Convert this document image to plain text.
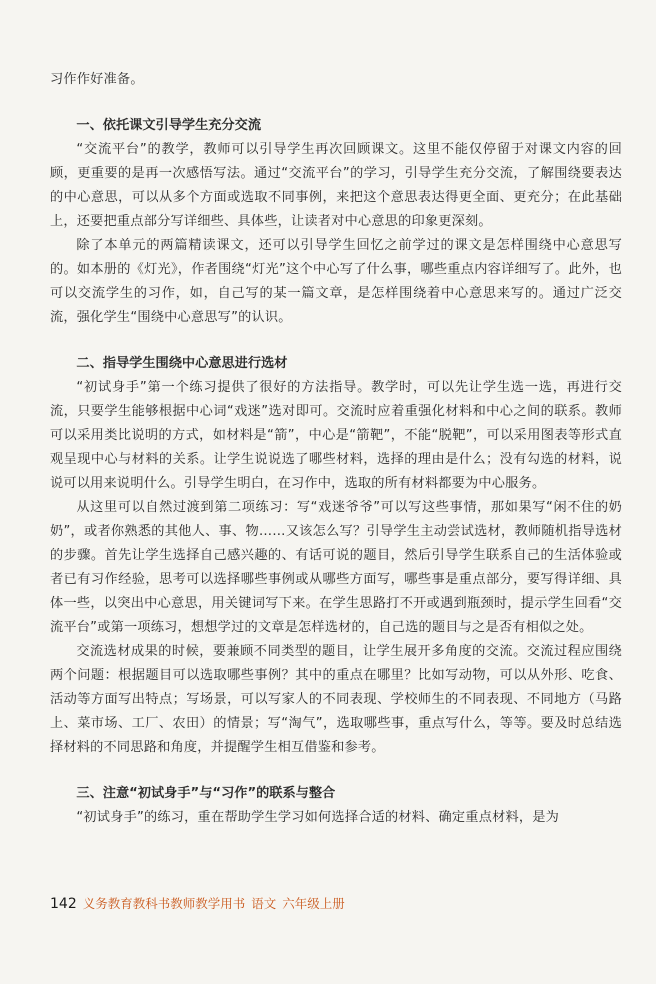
习作作好准备。

一、依托课文引导学生充分交流

“交流平台”的教学，教师可以引导学生再次回顾课文。这里不能仅停留于对课文内容的回顾，更重要的是再一次感悟写法。通过“交流平台”的学习，引导学生充分交流，了解围绕要表达的中心意思，可以从多个方面或选取不同事例，来把这个意思表达得更全面、更充分；在此基础上，还要把重点部分写详细些、具体些，让读者对中心意思的印象更深刻。

除了本单元的两篇精读课文，还可以引导学生回忆之前学过的课文是怎样围绕中心意思写的。如本册的《灯光》，作者围绕“灯光”这个中心写了什么事，哪些重点内容详细写了。此外，也可以交流学生的习作，如，自己写的某一篇文章，是怎样围绕着中心意思来写的。通过广泛交流，强化学生“围绕中心意思写”的认识。

二、指导学生围绕中心意思进行选材

“初试身手”第一个练习提供了很好的方法指导。教学时，可以先让学生选一选，再进行交流，只要学生能够根据中心词“戏迷”选对即可。交流时应着重强化材料和中心之间的联系。教师可以采用类比说明的方式，如材料是“箭”，中心是“箭靶”，不能“脱靶”，可以采用图表等形式直观呈现中心与材料的关系。让学生说说选了哪些材料，选择的理由是什么；没有勾选的材料，说说可以用来说明什么。引导学生明白，在习作中，选取的所有材料都要为中心服务。

从这里可以自然过渡到第二项练习：写“戏迷爷爷”可以写这些事情，那如果写“闲不住的奶奶”，或者你熟悉的其他人、事、物……又该怎么写？引导学生主动尝试选材，教师随机指导选材的步骤。首先让学生选择自己感兴趣的、有话可说的题目，然后引导学生联系自己的生活体验或者已有习作经验，思考可以选择哪些事例或从哪些方面写，哪些事是重点部分，要写得详细、具体一些，以突出中心意思，用关键词写下来。在学生思路打不开或遇到瓶颈时，提示学生回看“交流平台”或第一项练习，想想学过的文章是怎样选材的，自己选的题目与之是否有相似之处。

交流选材成果的时候，要兼顾不同类型的题目，让学生展开多角度的交流。交流过程应围绕两个问题：根据题目可以选取哪些事例？其中的重点在哪里？比如写动物，可以从外形、吃食、活动等方面写出特点；写场景，可以写家人的不同表现、学校师生的不同表现、不同地方（马路上、菜市场、工厂、农田）的情景；写“淘气”，选取哪些事，重点写什么，等等。要及时总结选择材料的不同思路和角度，并提醒学生相互借鉴和参考。

三、注意“初试身手”与“习作”的联系与整合

“初试身手”的练习，重在帮助学生学习如何选择合适的材料、确定重点材料，是为

142 义务教育教科书教师教学用书 语文 六年级上册
